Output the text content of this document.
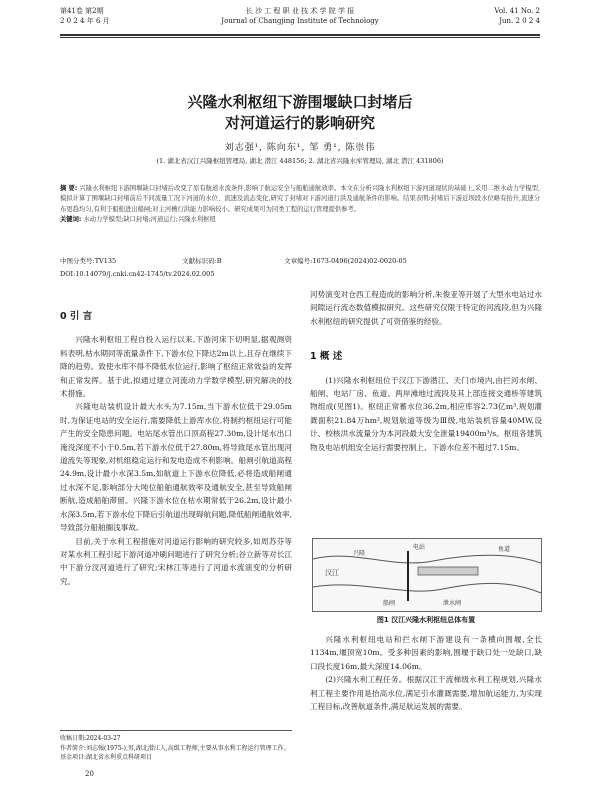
第41卷 第2期
2 0 2 4 年 6 月
长 沙 工 程 职 业 技 术 学 院 学 报
Journal of Changjing Institute of Technology
Vol. 41 No. 2
Jun. 2 0 2 4
兴隆水利枢纽下游围堰缺口封堵后
对河道运行的影响研究
刘志强¹, 陈向东¹, 邹 勇¹, 陈崇伟
(1. 湖北省汉江兴隆枢纽管理局, 湖北 潜江 448156; 2. 湖北省兴隆水库管理局, 湖北 潜江 431806)
摘 要: 兴隆水利枢纽下游围堰缺口封堵后改变了原有航道水流条件,影响了航运安全与船舶通航效率。本文在分析兴隆水利枢纽下游河道现状的基础上,采用二维水动力学模型,模拟计算了围堰缺口封堵前后不同流量工况下河道的水位、流速及流态变化,研究了封堵对下游河道行洪及通航条件的影响。结果表明:封堵后下游近坝段水位略有抬升,流速分布更趋均匀,有利于船舶进出船闸;对主河槽行洪能力影响较小。研究成果可为同类工程的运行管理提供参考。
关键词: 水动力学模型;缺口封堵;河道运行;兴隆水利枢纽
中图分类号:TV135	文献标识码:B	文章编号:1673-0496(2024)02-0020-05
DOI:10.14079/j.cnki.cn42-1745/tv.2024.02.005
0 引 言

兴隆水利枢纽工程自投入运行以来,下游河床下切明显,据观测资料表明,枯水期同等流量条件下,下游水位下降达2m以上,且存在继续下降的趋势。致使水库不得不降低水位运行,影响了枢纽正常效益的发挥和正常发挥。基于此,拟通过建立河流动力学数学模型,研究解决的技术措施。

兴隆电站装机设计最大水头为7.15m,当下游水位低于29.05m时,为保证电站的安全运行,需要降低上游库水位,将制约枢纽运行可能产生的安全隐患问题。电站尾水管出口顶高程27.30m,设计尾水出口淹没深度不小于0.5m,若下游水位低于27.80m,将导致尾水管出现河道流失等现象,对机组稳定运行和发电造成不利影响。船闸引航道高程24.9m,设计最小水深3.5m,如航道上下游水位降低,必将造成船闸通过水深不足,影响部分大吨位船舶通航效率及通航安全,甚至导致船闸断航,造成船舶滞留。兴隆下游水位在枯水期常低于26.2m,设计最小水深3.5m,若下游水位下降后引航道出现碍航问题,降低船闸通航效率,导致部分船舶搁浅事故。

目前,关于水利工程措施对河道运行影响的研究较多,如周苏芬等对某水利工程引起下游河道冲刷问题进行了研究分析;谷立新等对长江中下游分汊河道进行了研究;宋林江等进行了河道水流演变的分析研究。

河势演变对仓西工程造成的影响分析,朱俊亚等开展了大型水电站过水间隙运行流态数值模拟研究。这些研究仅限于特定的河流段,但为兴隆水利枢纽的研究提供了可资借鉴的经验。

1 概 述

(1)兴隆水利枢纽位于汉江下游潜江、天门市境内,由拦河水闸、船闸、电站厂房、鱼道、两岸滩地过流段及其上部连接交通桥等建筑物组成(见图1)。枢纽正常蓄水位36.2m,相应库容2.73亿m³,规划灌溉面积21.84万hm²,规划航道等级为Ⅲ级,电站装机容量40MW,设计、校核洪水流量分为本河段最大安全泄量19400m³/s。枢纽各建筑物及电站机组安全运行需要控制上、下游水位差不超过7.15m。

汉江
兴隆
船闸
电站
泄水闸
鱼道
图1 汉江兴隆水利枢纽总体布置

兴隆水利枢纽电站和拦水闸下游建设有一条横向围堰,全长1134m,堰顶宽10m。受多种因素的影响,围堰于缺口处一处缺口,缺口段长度16m,最大深度14.06m。

(2)兴隆水利工程任务。根据汉江干流梯级水利工程规划,兴隆水利工程主要作用是抬高水位,满足引水灌溉需要,增加航运能力,为实现工程目标,改善航道条件,满足航运发展的需要。

收稿日期:2024-03-27
作者简介:刘志强(1975-),男,湖北潜江人,高级工程师,主要从事水利工程运行管理工作。
基金项目:湖北省水利重点科研项目
20
